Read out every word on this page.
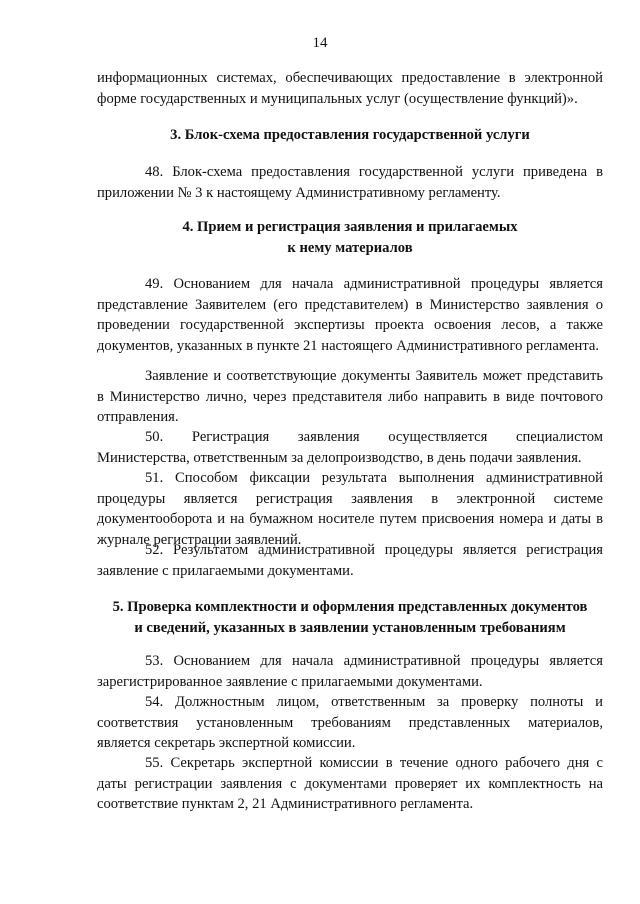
14
информационных системах, обеспечивающих предоставление в электронной форме государственных и муниципальных услуг (осуществление функций)».
3. Блок-схема предоставления государственной услуги
48. Блок-схема предоставления государственной услуги приведена в приложении № 3 к настоящему Административному регламенту.
4. Прием и регистрация заявления и прилагаемых
к нему материалов
49. Основанием для начала административной процедуры является представление Заявителем (его представителем) в Министерство заявления о проведении государственной экспертизы проекта освоения лесов, а также документов, указанных в пункте 21 настоящего Административного регламента.
Заявление и соответствующие документы Заявитель может представить в Министерство лично, через представителя либо направить в виде почтового отправления.
50. Регистрация заявления осуществляется специалистом
Министерства, ответственным за делопроизводство, в день подачи заявления.
51. Способом фиксации результата выполнения административной процедуры является регистрация заявления в электронной системе документооборота и на бумажном носителе путем присвоения номера и даты в журнале регистрации заявлений.
52. Результатом административной процедуры является регистрация заявление с прилагаемыми документами.
5. Проверка комплектности и оформления представленных документов
и сведений, указанных в заявлении установленным требованиям
53. Основанием для начала административной процедуры является зарегистрированное заявление с прилагаемыми документами.
54. Должностным лицом, ответственным за проверку полноты и соответствия установленным требованиям представленных материалов, является секретарь экспертной комиссии.
55. Секретарь экспертной комиссии в течение одного рабочего дня с даты регистрации заявления с документами проверяет их комплектность на соответствие пунктам 2, 21 Административного регламента.
